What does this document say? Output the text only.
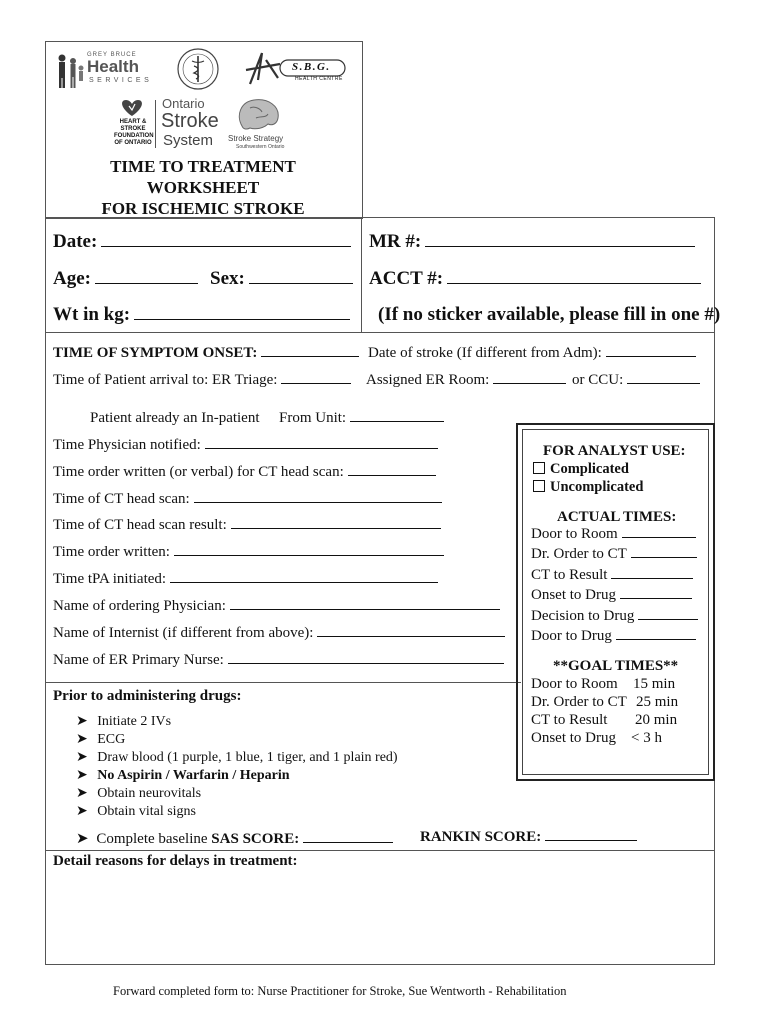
GREY BRUCE
Health
SERVICES
S.B.G.
HEALTH CENTRE
HEART & STROKE FOUNDATION OF ONTARIO
Ontario
Stroke
System Stroke Strategy
Southwestern Ontario
TIME TO TREATMENT
WORKSHEET
FOR ISCHEMIC STROKE
Date:
Age:	Sex:
Wt in kg:
MR #:
ACCT #:
(If no sticker available, please fill in one #)
TIME OF SYMPTOM ONSET:	Date of stroke (If different from Adm):
Time of Patient arrival to: ER Triage:	Assigned ER Room:	or CCU:
Patient already an In-patient From Unit:
Time Physician notified:
Time order written (or verbal) for CT head scan:
Time of CT head scan:
Time of CT head scan result:
Time order written:
Time tPA initiated:
Name of ordering Physician:
Name of Internist (if different from above):
Name of ER Primary Nurse:
FOR ANALYST USE:
Complicated
Uncomplicated
ACTUAL TIMES:
Door to Room
Dr. Order to CT
CT to Result
Onset to Drug
Decision to Drug
Door to Drug
**GOAL TIMES**
Door to Room 15 min
Dr. Order to CT 25 min
CT to Result 20 min
Onset to Drug < 3 h
Prior to administering drugs:
➤ Initiate 2 IVs
➤ ECG
➤ Draw blood (1 purple, 1 blue, 1 tiger, and 1 plain red)
➤ No Aspirin / Warfarin / Heparin
➤ Obtain neurovitals
➤ Obtain vital signs
➤ Complete baseline SAS SCORE:	RANKIN SCORE:
Detail reasons for delays in treatment:
Forward completed form to: Nurse Practitioner for Stroke, Sue Wentworth - Rehabilitation
